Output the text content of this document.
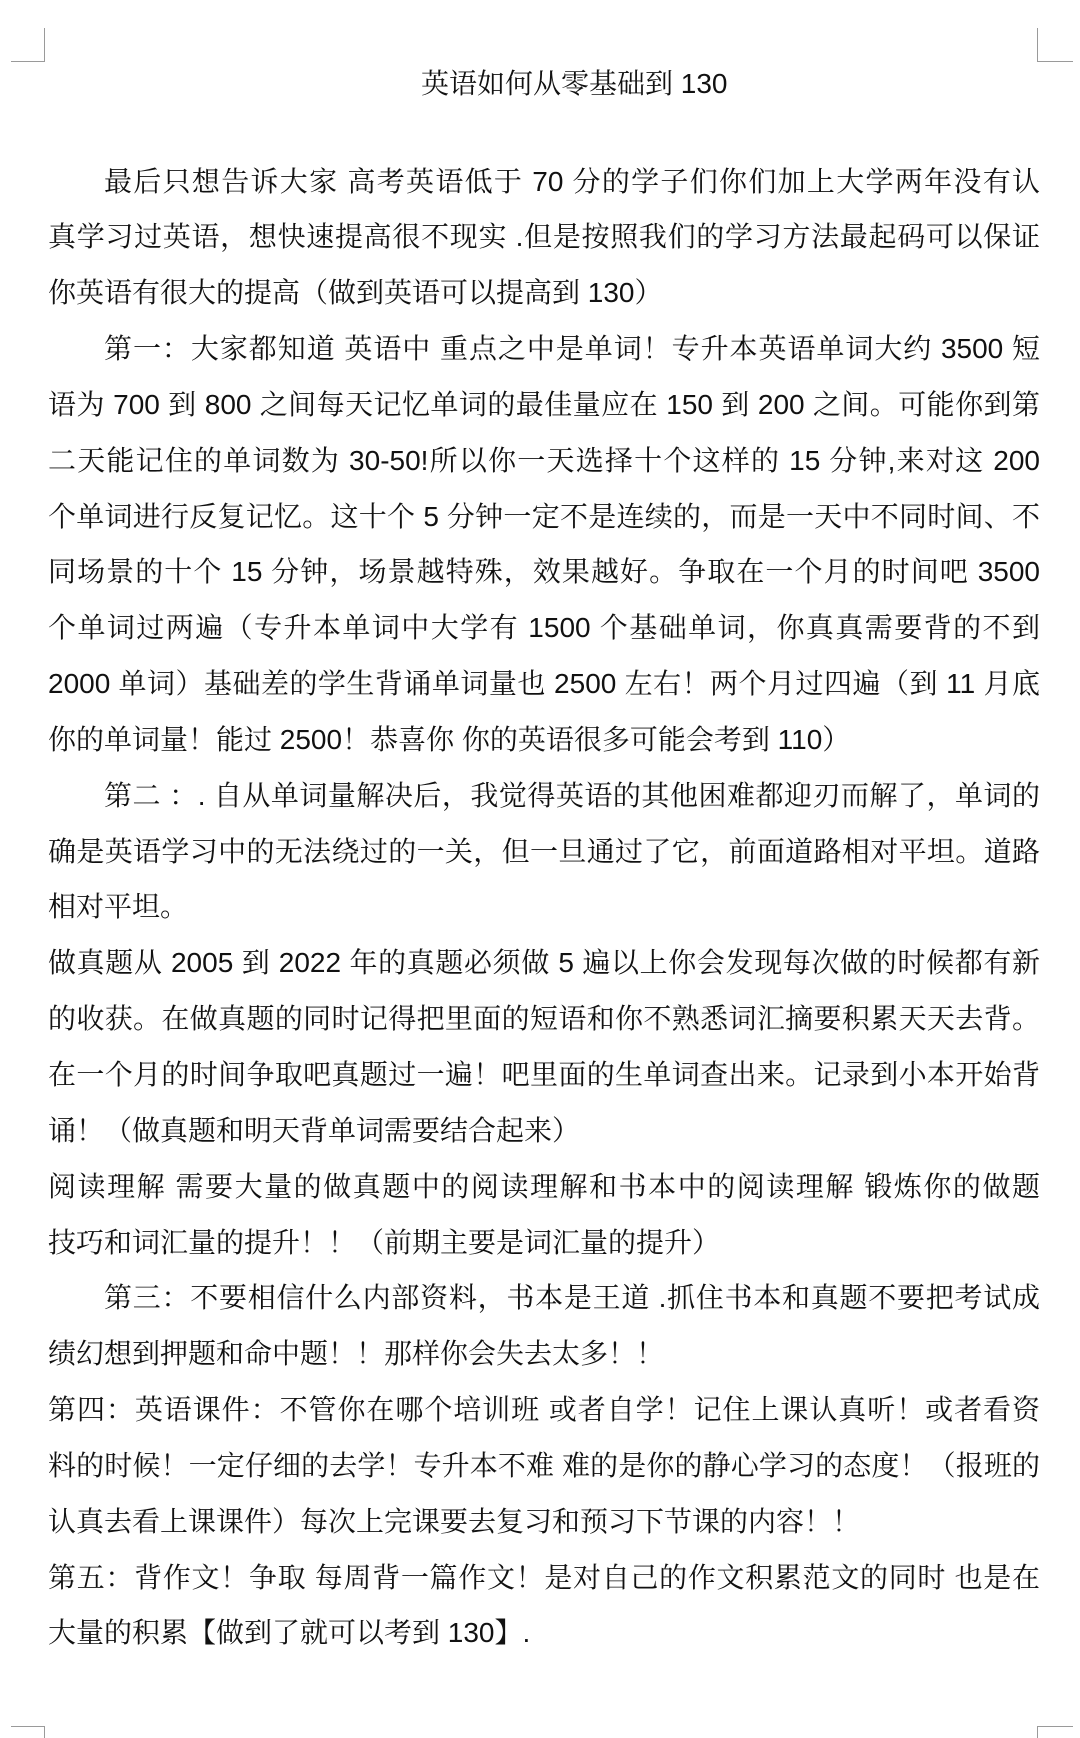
英语如何从零基础到 130
最后只想告诉大家 高考英语低于 70 分的学子们你们加上大学两年没有认
真学习过英语，想快速提高很不现实 .但是按照我们的学习方法最起码可以保证
你英语有很大的提高（做到英语可以提高到 130）
第一：大家都知道 英语中 重点之中是单词！专升本英语单词大约 3500 短
语为 700 到 800 之间每天记忆单词的最佳量应在 150 到 200 之间。可能你到第
二天能记住的单词数为 30-50!所以你一天选择十个这样的 15 分钟,来对这 200
个单词进行反复记忆。这十个 5 分钟一定不是连续的，而是一天中不同时间、不
同场景的十个 15 分钟，场景越特殊，效果越好。争取在一个月的时间吧 3500
个单词过两遍（专升本单词中大学有 1500 个基础单词，你真真需要背的不到
2000 单词）基础差的学生背诵单词量也 2500 左右！两个月过四遍（到 11 月底
你的单词量！能过 2500！恭喜你 你的英语很多可能会考到 110）
第二 ：. 自从单词量解决后，我觉得英语的其他困难都迎刃而解了，单词的
确是英语学习中的无法绕过的一关，但一旦通过了它，前面道路相对平坦。道路
相对平坦。
做真题从 2005 到 2022 年的真题必须做 5 遍以上你会发现每次做的时候都有新
的收获。在做真题的同时记得把里面的短语和你不熟悉词汇摘要积累天天去背。
在一个月的时间争取吧真题过一遍！吧里面的生单词查出来。记录到小本开始背
诵！（做真题和明天背单词需要结合起来）
阅读理解 需要大量的做真题中的阅读理解和书本中的阅读理解 锻炼你的做题
技巧和词汇量的提升！！（前期主要是词汇量的提升）
第三：不要相信什么内部资料，书本是王道 .抓住书本和真题不要把考试成
绩幻想到押题和命中题！！那样你会失去太多！！
第四：英语课件：不管你在哪个培训班 或者自学！记住上课认真听！或者看资
料的时候！一定仔细的去学！专升本不难 难的是你的静心学习的态度！（报班的
认真去看上课课件）每次上完课要去复习和预习下节课的内容！！
第五：背作文！争取 每周背一篇作文！是对自己的作文积累范文的同时 也是在
大量的积累【做到了就可以考到 130】.
